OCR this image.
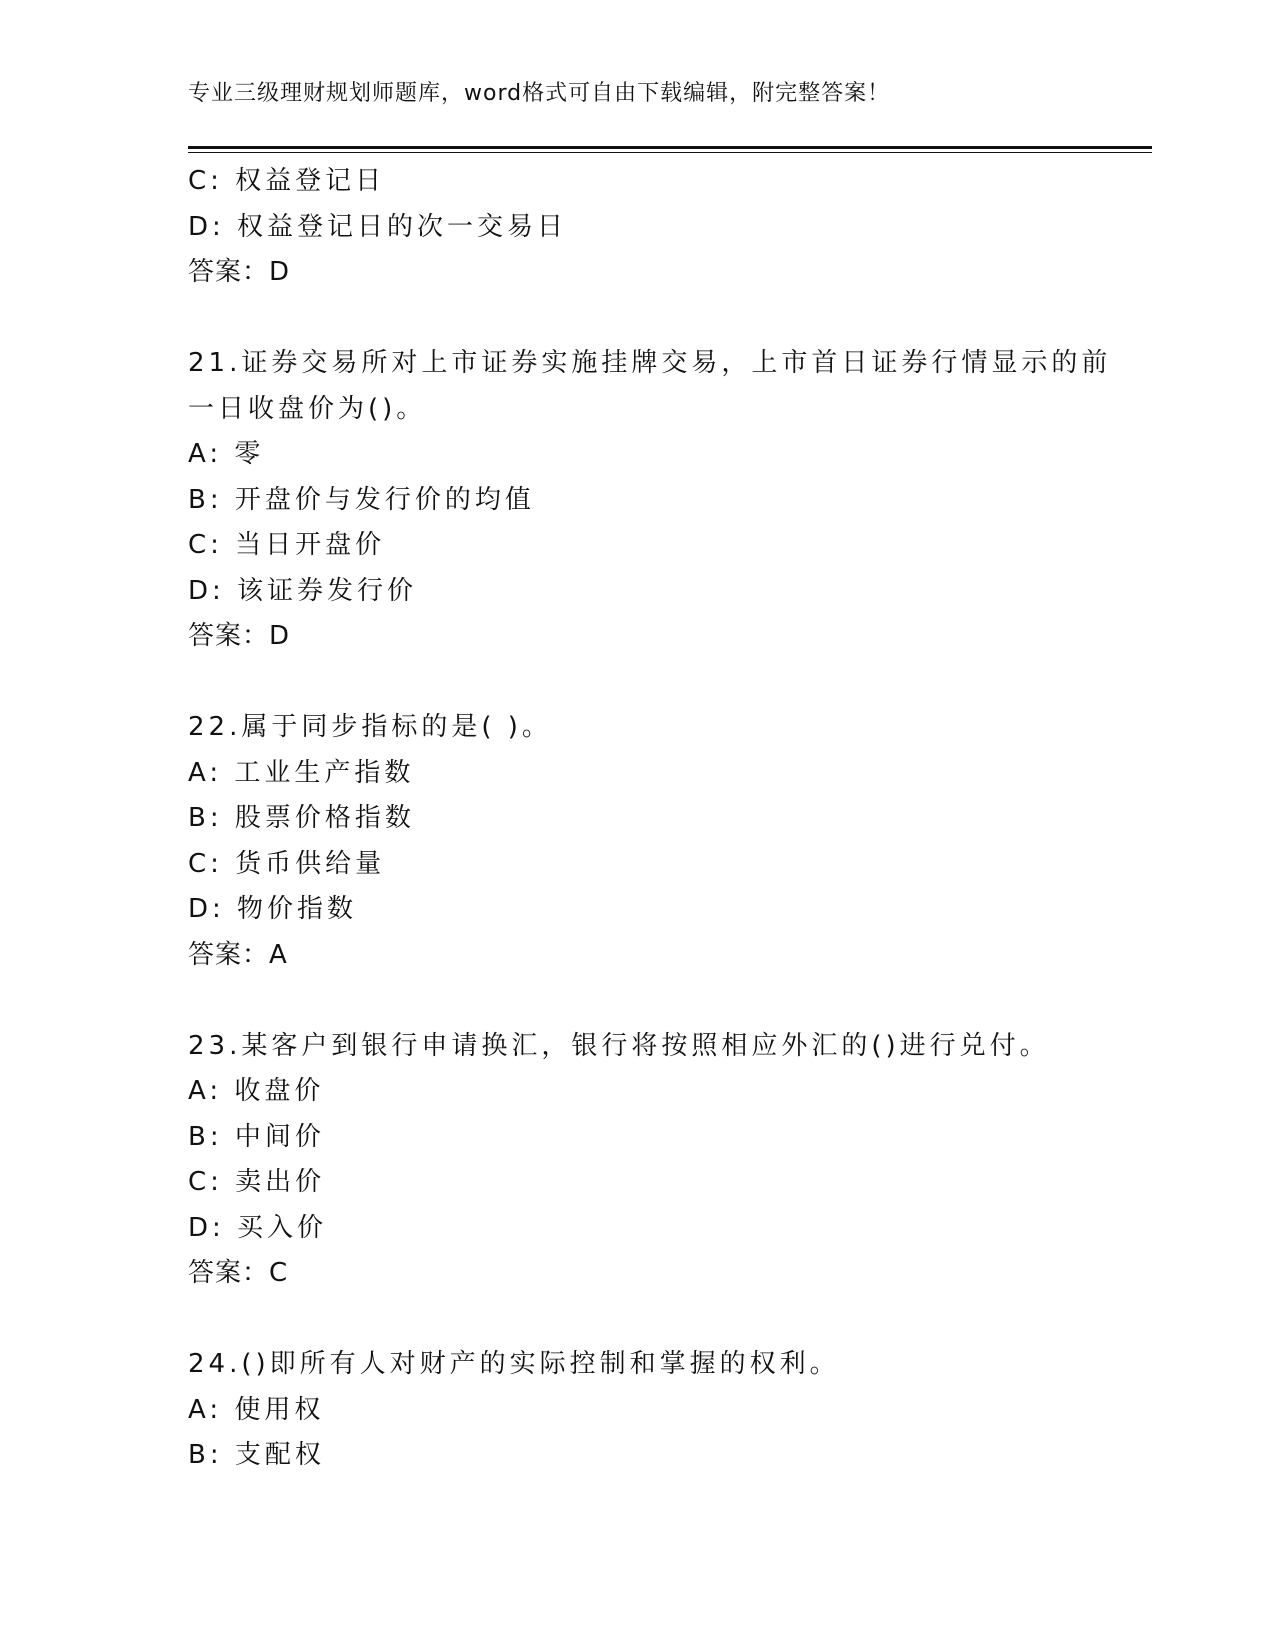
专业三级理财规划师题库，word格式可自由下载编辑，附完整答案！
C: 权益登记日
D: 权益登记日的次一交易日
答案：D
21.证券交易所对上市证券实施挂牌交易，上市首日证券行情显示的前
一日收盘价为()。
A: 零
B: 开盘价与发行价的均值
C: 当日开盘价
D: 该证券发行价
答案：D
22.属于同步指标的是( )。
A: 工业生产指数
B: 股票价格指数
C: 货币供给量
D: 物价指数
答案：A
23.某客户到银行申请换汇，银行将按照相应外汇的()进行兑付。
A: 收盘价
B: 中间价
C: 卖出价
D: 买入价
答案：C
24.()即所有人对财产的实际控制和掌握的权利。
A: 使用权
B: 支配权
